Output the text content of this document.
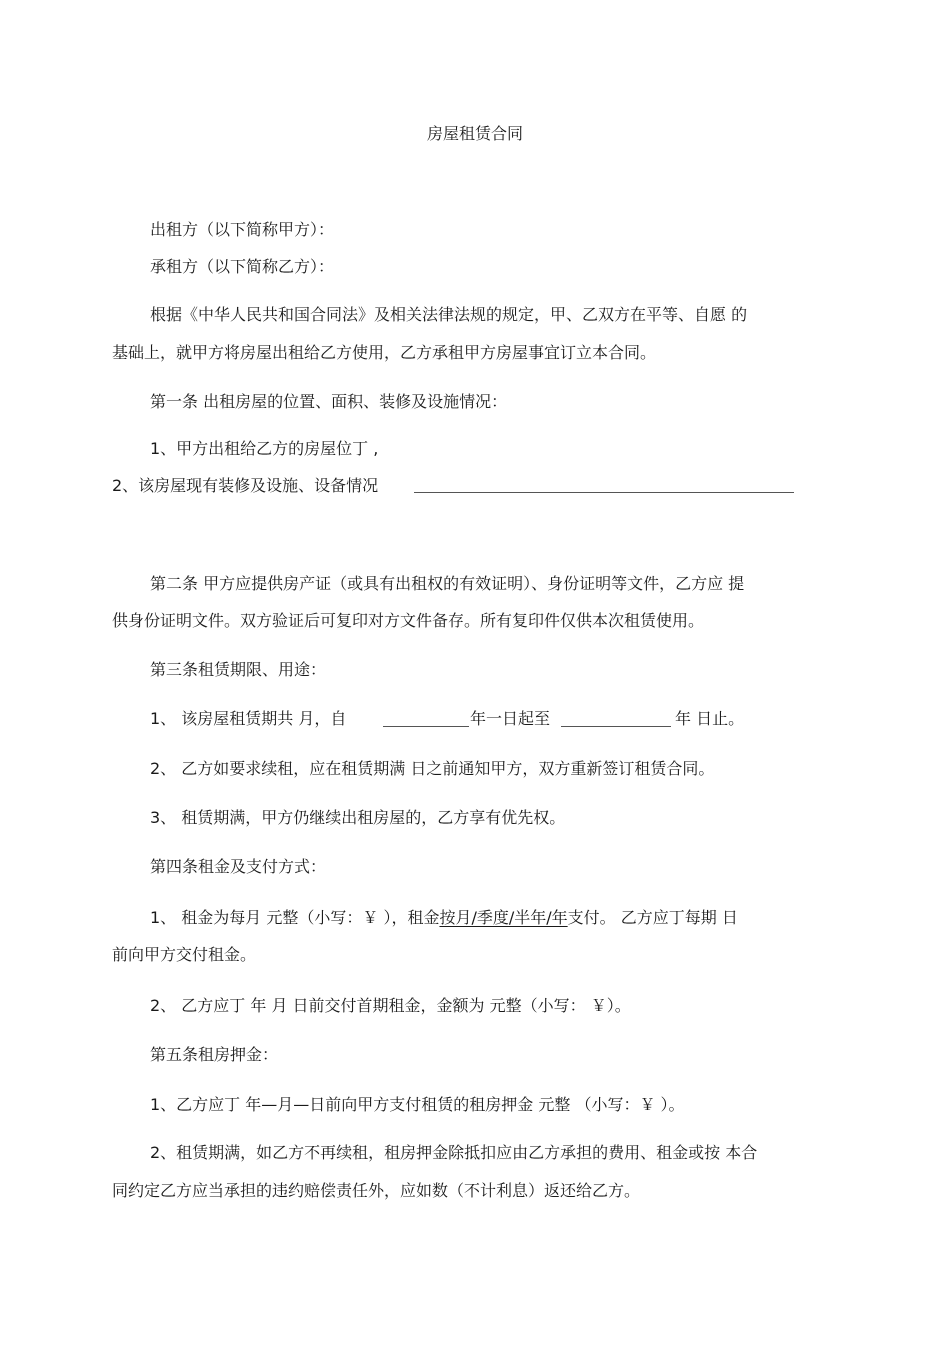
房屋租赁合同
出租方（以下简称甲方）：
承租方（以下简称乙方）：
根据《中华人民共和国合同法》及相关法律法规的规定，甲、乙双方在平等、自愿 的
基础上，就甲方将房屋出租给乙方使用，乙方承租甲方房屋事宜订立本合同。
第一条 出租房屋的位置、面积、装修及设施情况：
1、甲方出租给乙方的房屋位丁 ,
2、该房屋现有装修及设施、设备情况
第二条 甲方应提供房产证（或具有出租权的有效证明）、身份证明等文件，乙方应 提
供身份证明文件。双方验证后可复印对方文件备存。所有复印件仅供本次租赁使用。
第三条租赁期限、用途：
1、 该房屋租赁期共 月，自	年一日起至	年 日止。
2、 乙方如要求续租，应在租赁期满 日之前通知甲方，双方重新签订租赁合同。
3、 租赁期满，甲方仍继续出租房屋的，乙方享有优先权。
第四条租金及支付方式：
1、 租金为每月 元整（小写：￥ ），租金按月/季度/半年/年支付。 乙方应丁每期 日
前向甲方交付租金。
2、 乙方应丁 年 月 日前交付首期租金，金额为 元整（小写： ￥）。
第五条租房押金：
1、乙方应丁 年—月—日前向甲方支付租赁的租房押金 元整 （小写：￥ ）。
2、租赁期满，如乙方不再续租，租房押金除抵扣应由乙方承担的费用、租金或按 本合
同约定乙方应当承担的违约赔偿责任外，应如数（不计利息）返还给乙方。
